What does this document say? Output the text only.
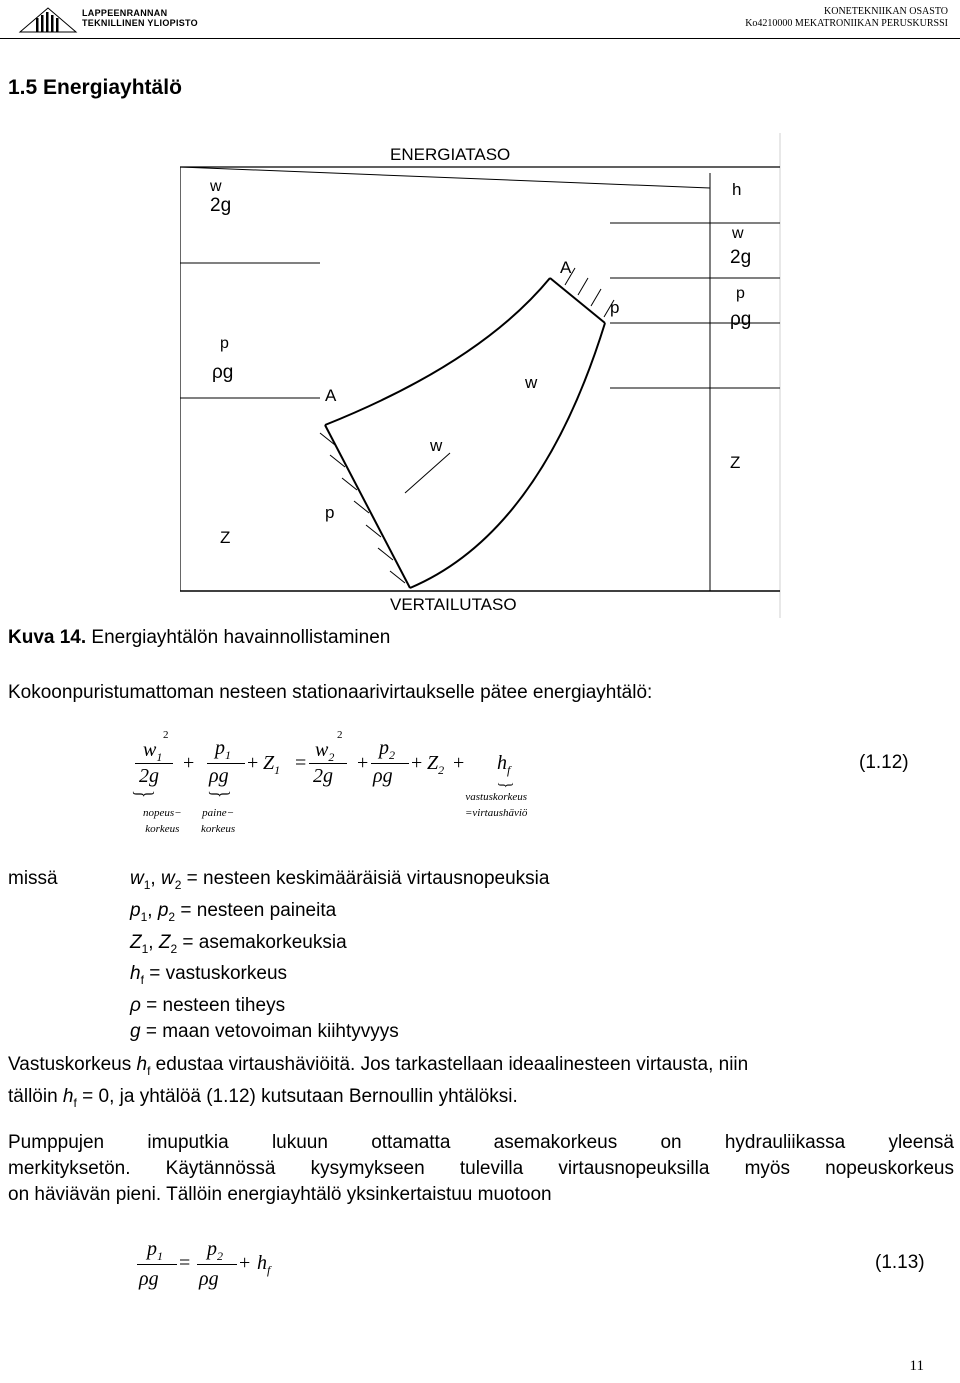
LAPPEENRANNAN
TEKNILLINEN YLIOPISTO
KONETEKNIIKAN OSASTO
Ko4210000 MEKATRONIIKAN PERUSKURSSI
1.5 Energiayhtälö
ENERGIATASO
VERTAILUTASO
w
2g
p
ρg
A
A
p
w
w
p
Z
Z
h
w
2g
p
ρg
Kuva 14. Energiayhtälön havainnollistaminen
Kokoonpuristumattoman nesteen stationaarivirtaukselle pätee energiayhtälö:
$w_1$
2
2g
+
$p_1$
ρg
+ $Z_1$ =
$w_2$
2
2g
+
$p_2$
ρg
+ $Z_2 + h_f$
}	}
}
nopeus−
korkeus
paine−
korkeus
vastuskorkeus
=virtaushäviö
(1.12)
missä	$w_1$, $w_2$ = nesteen keskimääräisiä virtausnopeuksia
$p_1$, $p_2$ = nesteen paineita
$Z_1$, $Z_2$ = asemakorkeuksia
$h_f$ = vastuskorkeus
ρ = nesteen tiheys
g = maan vetovoiman kiihtyvyys
Vastuskorkeus $h_f$ edustaa virtaushäviöitä. Jos tarkastellaan ideaalinesteen virtausta, niin
tällöin $h_f = 0$, ja yhtälöä (1.12) kutsutaan Bernoullin yhtälöksi.
Pumppujen imuputkia lukuun ottamatta asemakorkeus on hydrauliikassa yleensä
merkityksetön. Käytännössä kysymykseen tulevilla virtausnopeuksilla myös nopeuskorkeus
on häviävän pieni. Tällöin energiayhtälö yksinkertaistuu muotoon
$p_1$
ρg
=
$p_2$
ρg
+ $h_f$	(1.13)
11
